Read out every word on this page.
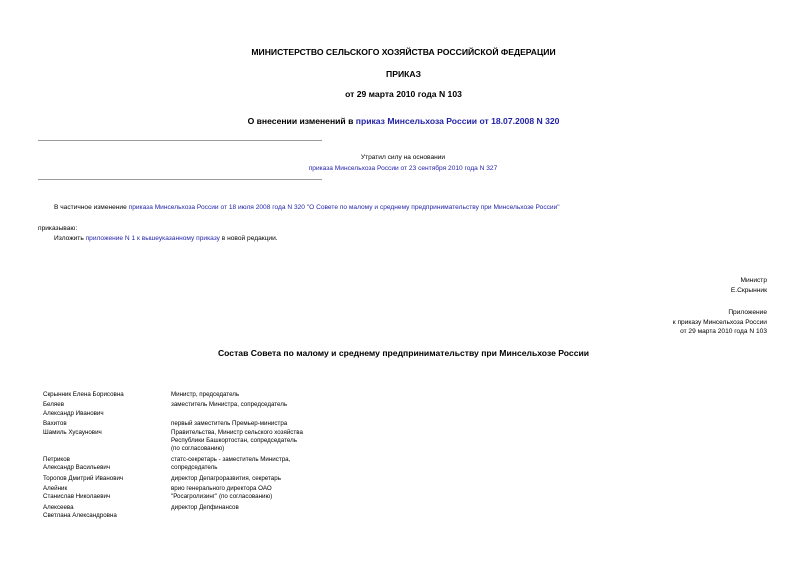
МИНИСТЕРСТВО СЕЛЬСКОГО ХОЗЯЙСТВА РОССИЙСКОЙ ФЕДЕРАЦИИ
ПРИКАЗ
от 29 марта 2010 года N 103
О внесении изменений в приказ Минсельхоза России от 18.07.2008 N 320
Утратил силу на основании
приказа Минсельхоза России от 23 сентября 2010 года N 327
В частичное изменение приказа Минсельхоза России от 18 июля 2008 года N 320 "О Совете по малому и среднему предпринимательству при Минсельхозе России"
приказываю:
Изложить приложение N 1 к вышеуказанному приказу в новой редакции.
Министр
Е.Скрынник
Приложение
к приказу Минсельхоза России
от 29 марта 2010 года N 103
Состав Совета по малому и среднему предпринимательству при Минсельхозе России
Скрынник Елена Борисовна	Министр, председатель
Беляев
Александр Иванович
заместитель Министра, сопредседатель
Вахитов
Шамиль Хусаунович
первый заместитель Премьер-министра
Правительства, Министр сельского хозяйства
Республики Башкортостан, сопредседатель
(по согласованию)
Петриков
Александр Васильевич
статс-секретарь - заместитель Министра,
сопредседатель
Торопов Дмитрий Иванович	директор Депагроразвития, секретарь
Алейник
Станислав Николаевич
врио генерального директора ОАО
"Росагролизинг" (по согласованию)
Алексеева
Светлана Александровна
директор Депфинансов
